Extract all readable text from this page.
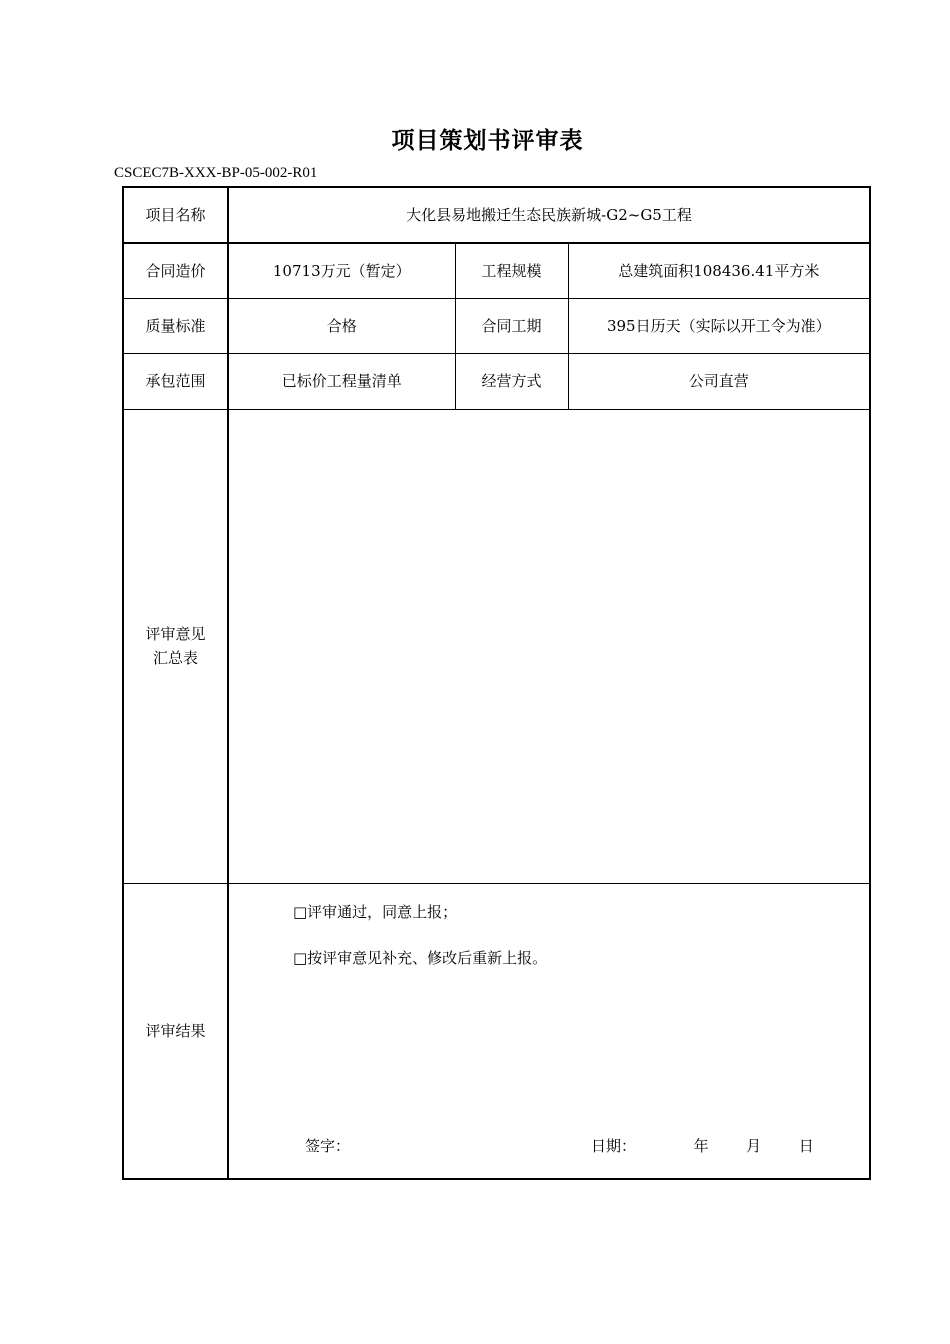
项目策划书评审表
CSCEC7B-XXX-BP-05-002-R01
项目名称	大化县易地搬迁生态民族新城-G2~G5工程		
合同造价	10713万元（暂定）	工程规模	总建筑面积108436.41平方米
质量标准	合格	合同工期	395日历天（实际以开工令为准）
承包范围	已标价工程量清单	经营方式	公司直营

评审意见
汇总表			

评审结果	□评审通过，同意上报；
□按评审意见补充、修改后重新上报。
签字： 日期： 年 月 日		
